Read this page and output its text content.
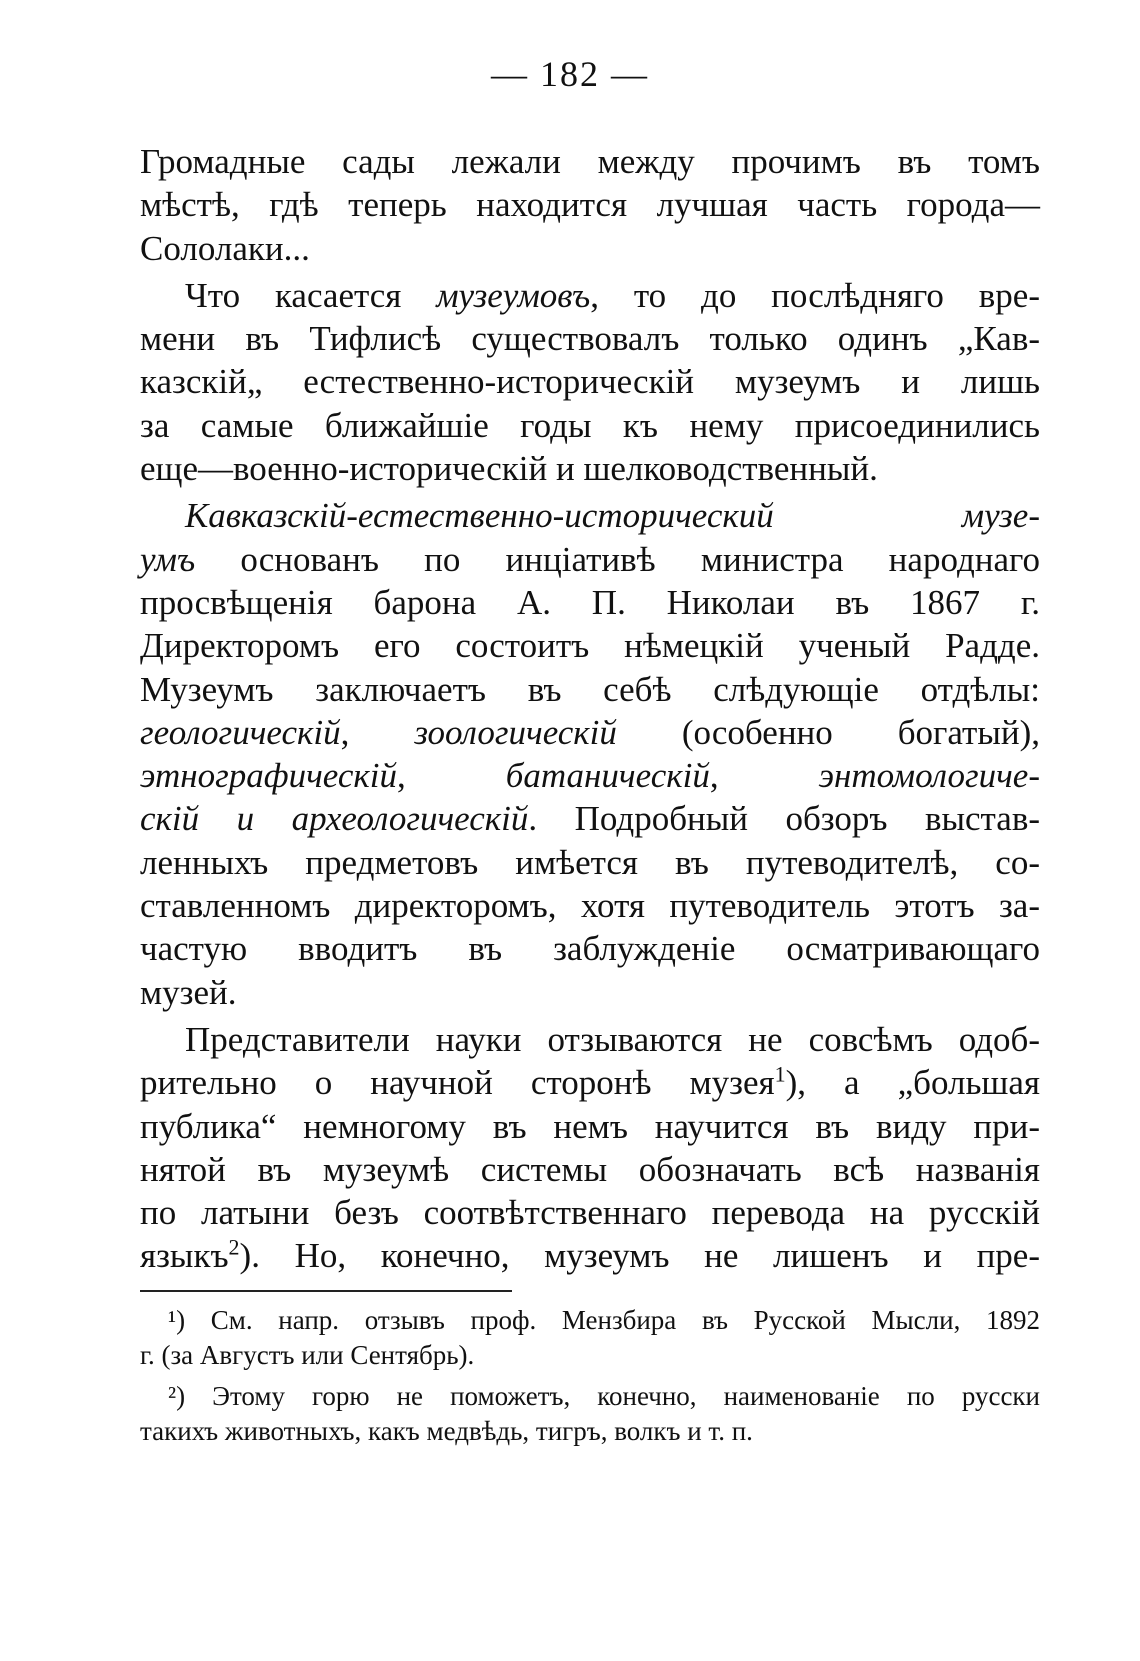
— 182 —
Громадные сады лежали между прочимъ въ томъ
мѣстѣ, гдѣ теперь находится лучшая часть города—
Сололаки...
Что касается музеумовъ, то до послѣдняго вре-
мени въ Тифлисѣ существовалъ только одинъ „Кав-
казскій„ естественно-историческій музеумъ и лишь
за самые ближайшіе годы къ нему присоединились
еще—военно-историческій и шелководственный.
Кавказскій-естественно-исторический музе-
умъ основанъ по инціативѣ министра народнаго
просвѣщенія барона А. П. Николаи въ 1867 г.
Директоромъ его состоитъ нѣмецкій ученый Радде.
Музеумъ заключаетъ въ себѣ слѣдующіе отдѣлы:
геологическій, зоологическій (особенно богатый),
этнографическій, батаническій, энтомологиче-
скій и археологическій. Подробный обзоръ выстав-
ленныхъ предметовъ имѣется въ путеводителѣ, со-
ставленномъ директоромъ, хотя путеводитель этотъ за-
частую вводитъ въ заблужденіе осматривающаго
музей.
Представители науки отзываются не совсѣмъ одоб-
рительно о научной сторонѣ музея$^1$), а „большая
публика“ немногому въ немъ научится въ виду при-
нятой въ музеумѣ системы обозначать всѣ названія
по латыни безъ соотвѣтственнаго перевода на русскій
языкъ$^2$). Но, конечно, музеумъ не лишенъ и пре-
¹) См. напр. отзывъ проф. Мензбира въ Русской Мысли, 1892
г. (за Августъ или Сентябрь).
²) Этому горю не поможетъ, конечно, наименованіе по русски
такихъ животныхъ, какъ медвѣдь, тигръ, волкъ и т. п.
